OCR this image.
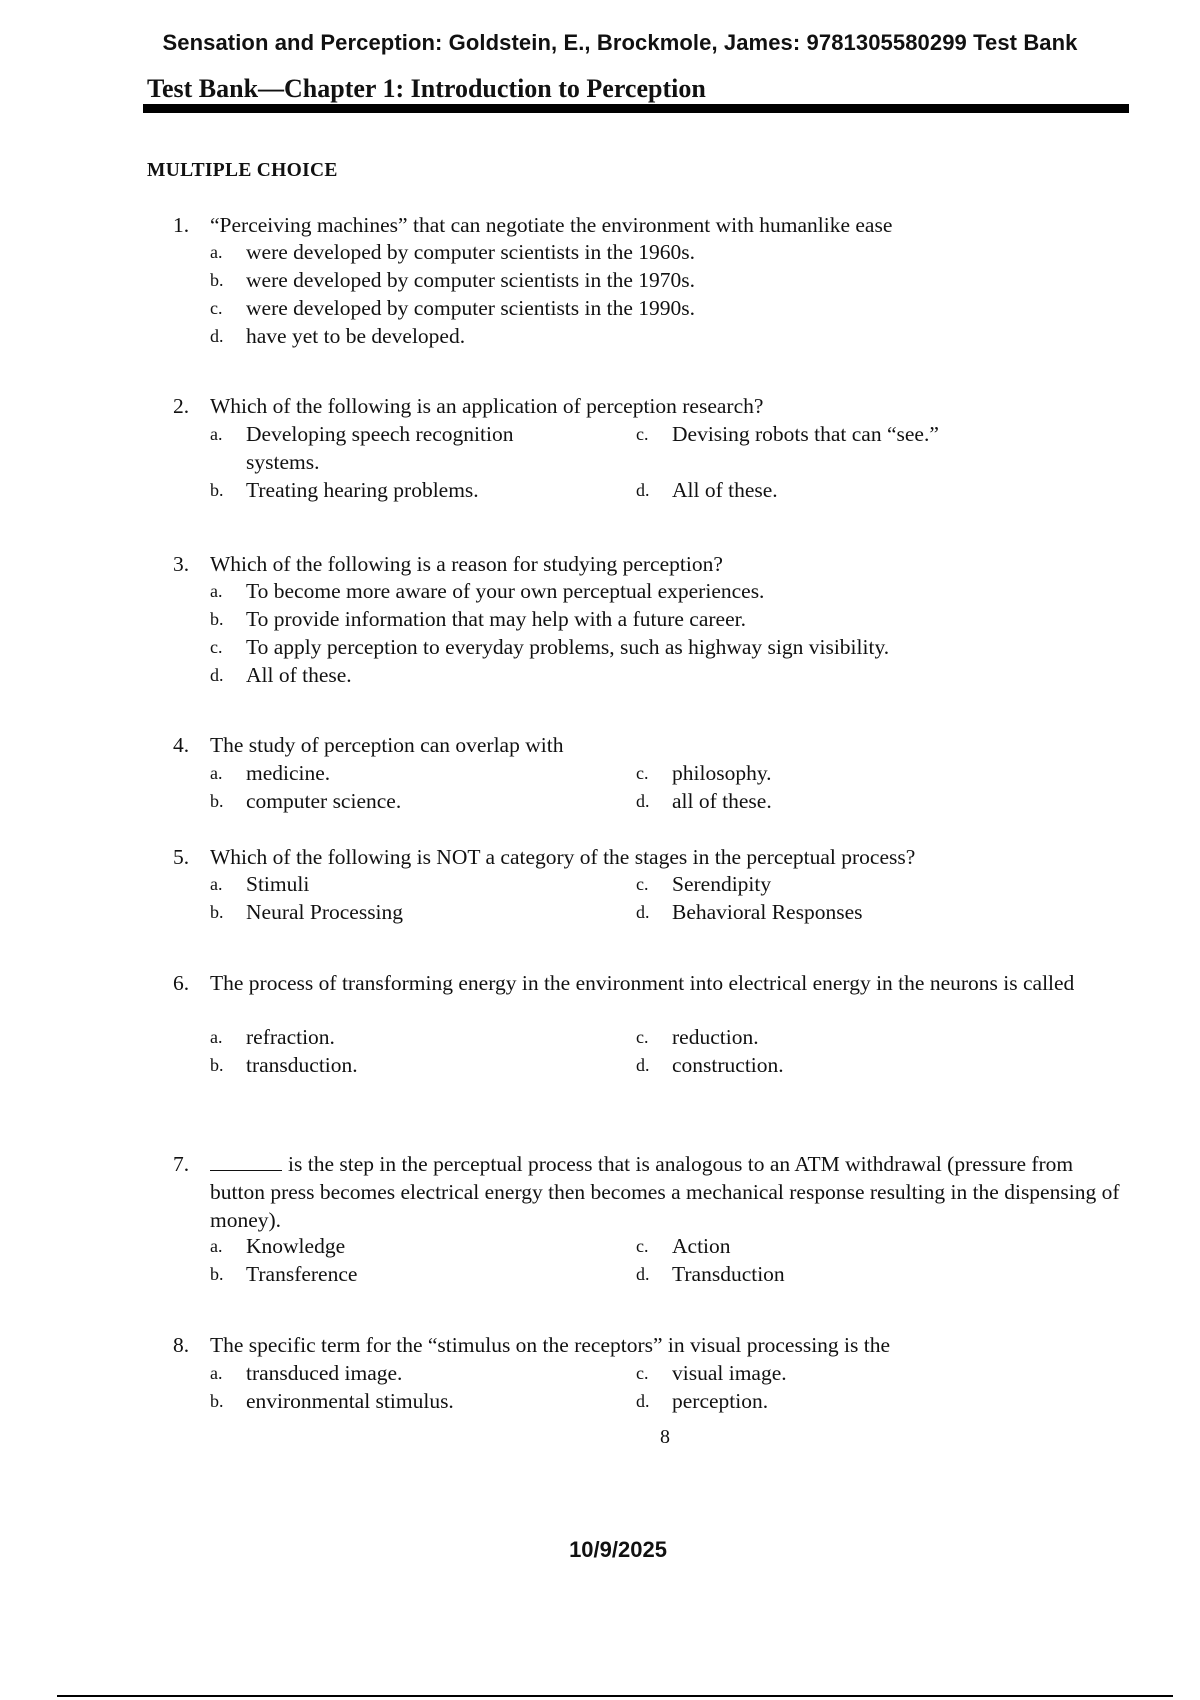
Sensation and Perception: Goldstein, E., Brockmole, James: 9781305580299 Test Bank
Test Bank—Chapter 1: Introduction to Perception
MULTIPLE CHOICE
1. “Perceiving machines” that can negotiate the environment with humanlike ease
a. were developed by computer scientists in the 1960s.
b. were developed by computer scientists in the 1970s.
c. were developed by computer scientists in the 1990s.
d. have yet to be developed.
2. Which of the following is an application of perception research?
a. Developing speech recognition systems.
b. Treating hearing problems.
c. Devising robots that can “see.”
d. All of these.
3. Which of the following is a reason for studying perception?
a. To become more aware of your own perceptual experiences.
b. To provide information that may help with a future career.
c. To apply perception to everyday problems, such as highway sign visibility.
d. All of these.
4. The study of perception can overlap with
a. medicine.
b. computer science.
c. philosophy.
d. all of these.
5. Which of the following is NOT a category of the stages in the perceptual process?
a. Stimuli
b. Neural Processing
c. Serendipity
d. Behavioral Responses
6. The process of transforming energy in the environment into electrical energy in the neurons is called
a. refraction.
b. transduction.
c. reduction.
d. construction.
7.	is the step in the perceptual process that is analogous to an ATM withdrawal (pressure from button press becomes electrical energy then becomes a mechanical response resulting in the dispensing of money).
a. Knowledge
b. Transference
c. Action
d. Transduction
8. The specific term for the “stimulus on the receptors” in visual processing is the
a. transduced image.
b. environmental stimulus.
c. visual image.
d. perception.
8
10/9/2025
